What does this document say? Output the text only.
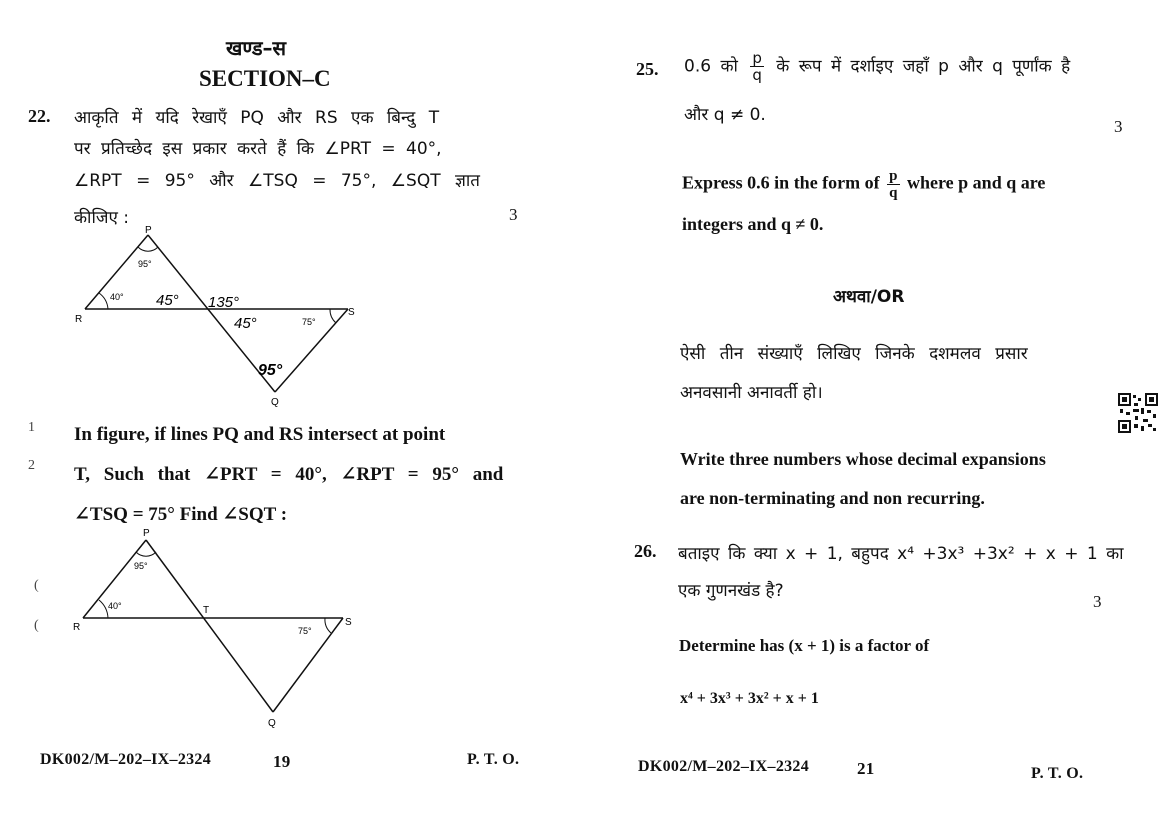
खण्ड–स
SECTION–C
22. आकृति में यदि रेखाएँ PQ और RS एक बिन्दु T
पर प्रतिच्छेद इस प्रकार करते हैं कि ∠PRT = 40°,
∠RPT = 95° और ∠TSQ = 75°, ∠SQT ज्ञात
कीजिए :	3
P
R
S
Q
95°
40°
75°
45° 135°
45°
95°
1
2
In figure, if lines PQ and RS intersect at point
T, Such that ∠PRT = 40°, ∠RPT = 95° and
∠TSQ = 75° Find ∠SQT :
(
(
P
R	S
T
Q
95°
40°
75°
DK002/M–202–IX–2324	19	P. T. O.
25. 0.6 को $\frac{p}{q}$ के रूप में दर्शाइए जहाँ p और q पूर्णांक है
और q ≠ 0.
3
Express 0.6 in the form of $\frac{p}{q}$ where p and q are
integers and q ≠ 0.
अथवा/OR
ऐसी तीन संख्याएँ लिखिए जिनके दशमलव प्रसार
अनवसानी अनावर्ती हो।
Write three numbers whose decimal expansions
are non-terminating and non recurring.
26. बताइए कि क्या x + 1, बहुपद x⁴ +3x³ +3x² + x + 1 का
एक गुणनखंड है?
3
Determine has (x + 1) is a factor of
x⁴ + 3x³ + 3x² + x + 1
DK002/M–202–IX–2324	21	P. T. O.
